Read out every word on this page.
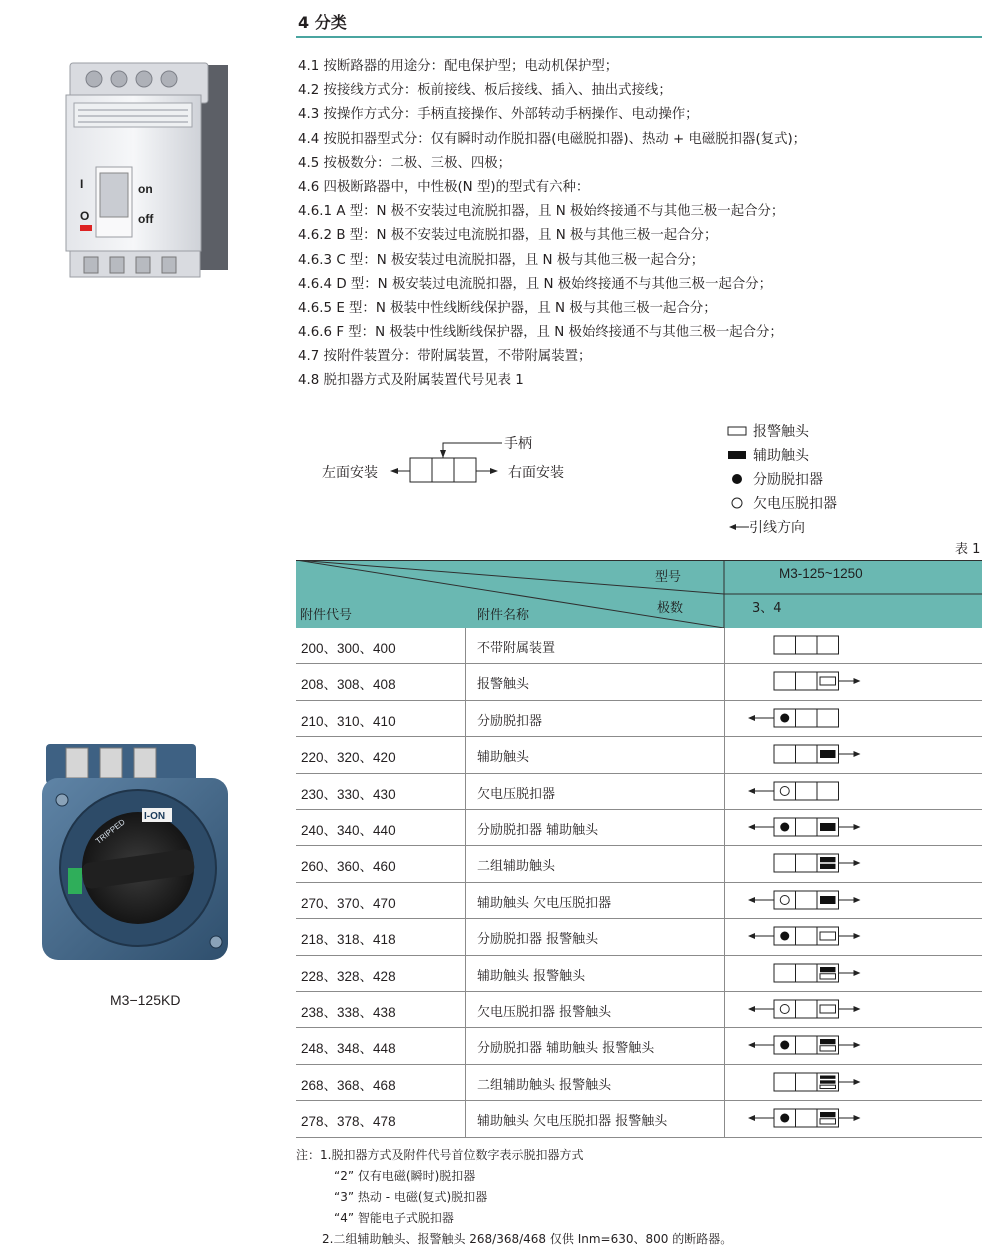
4 分类
4.1 按断路器的用途分：配电保护型；电动机保护型；
4.2 按接线方式分：板前接线、板后接线、插入、抽出式接线；
4.3 按操作方式分：手柄直接操作、外部转动手柄操作、电动操作；
4.4 按脱扣器型式分：仅有瞬时动作脱扣器(电磁脱扣器)、热动 + 电磁脱扣器(复式)；
4.5 按极数分：二极、三极、四极；
4.6 四极断路器中，中性极(N 型)的型式有六种：
4.6.1 A 型：N 极不安装过电流脱扣器，且 N 极始终接通不与其他三极一起合分；
4.6.2 B 型：N 极不安装过电流脱扣器，且 N 极与其他三极一起合分；
4.6.3 C 型：N 极安装过电流脱扣器，且 N 极与其他三极一起合分；
4.6.4 D 型：N 极安装过电流脱扣器，且 N 极始终接通不与其他三极一起合分；
4.6.5 E 型：N 极装中性线断线保护器，且 N 极与其他三极一起合分；
4.6.6 F 型：N 极装中性线断线保护器，且 N 极始终接通不与其他三极一起合分；
4.7 按附件装置分：带附属装置，不带附属装置；
4.8 脱扣器方式及附属装置代号见表 1
I	on
O	off
I-ON
TRIPPED
M3−125KD
手柄
左面安装	右面安装
报警触头
辅助触头
分励脱扣器
欠电压脱扣器
引线方向
表 1
型号	M3-125~1250
极数	3、4
附件代号	附件名称
200、300、400	不带附属装置
208、308、408	报警触头
210、310、410	分励脱扣器
220、320、420	辅助触头
230、330、430	欠电压脱扣器
240、340、440	分励脱扣器 辅助触头
260、360、460	二组辅助触头
270、370、470	辅助触头 欠电压脱扣器
218、318、418	分励脱扣器 报警触头
228、328、428	辅助触头 报警触头
238、338、438	欠电压脱扣器 报警触头
248、348、448	分励脱扣器 辅助触头 报警触头
268、368、468	二组辅助触头 报警触头
278、378、478	辅助触头 欠电压脱扣器 报警触头
注：1.脱扣器方式及附件代号首位数字表示脱扣器方式
“2” 仅有电磁(瞬时)脱扣器
“3” 热动 - 电磁(复式)脱扣器
“4” 智能电子式脱扣器
2.二组辅助触头、报警触头 268/368/468 仅供 Inm=630、800 的断路器。
